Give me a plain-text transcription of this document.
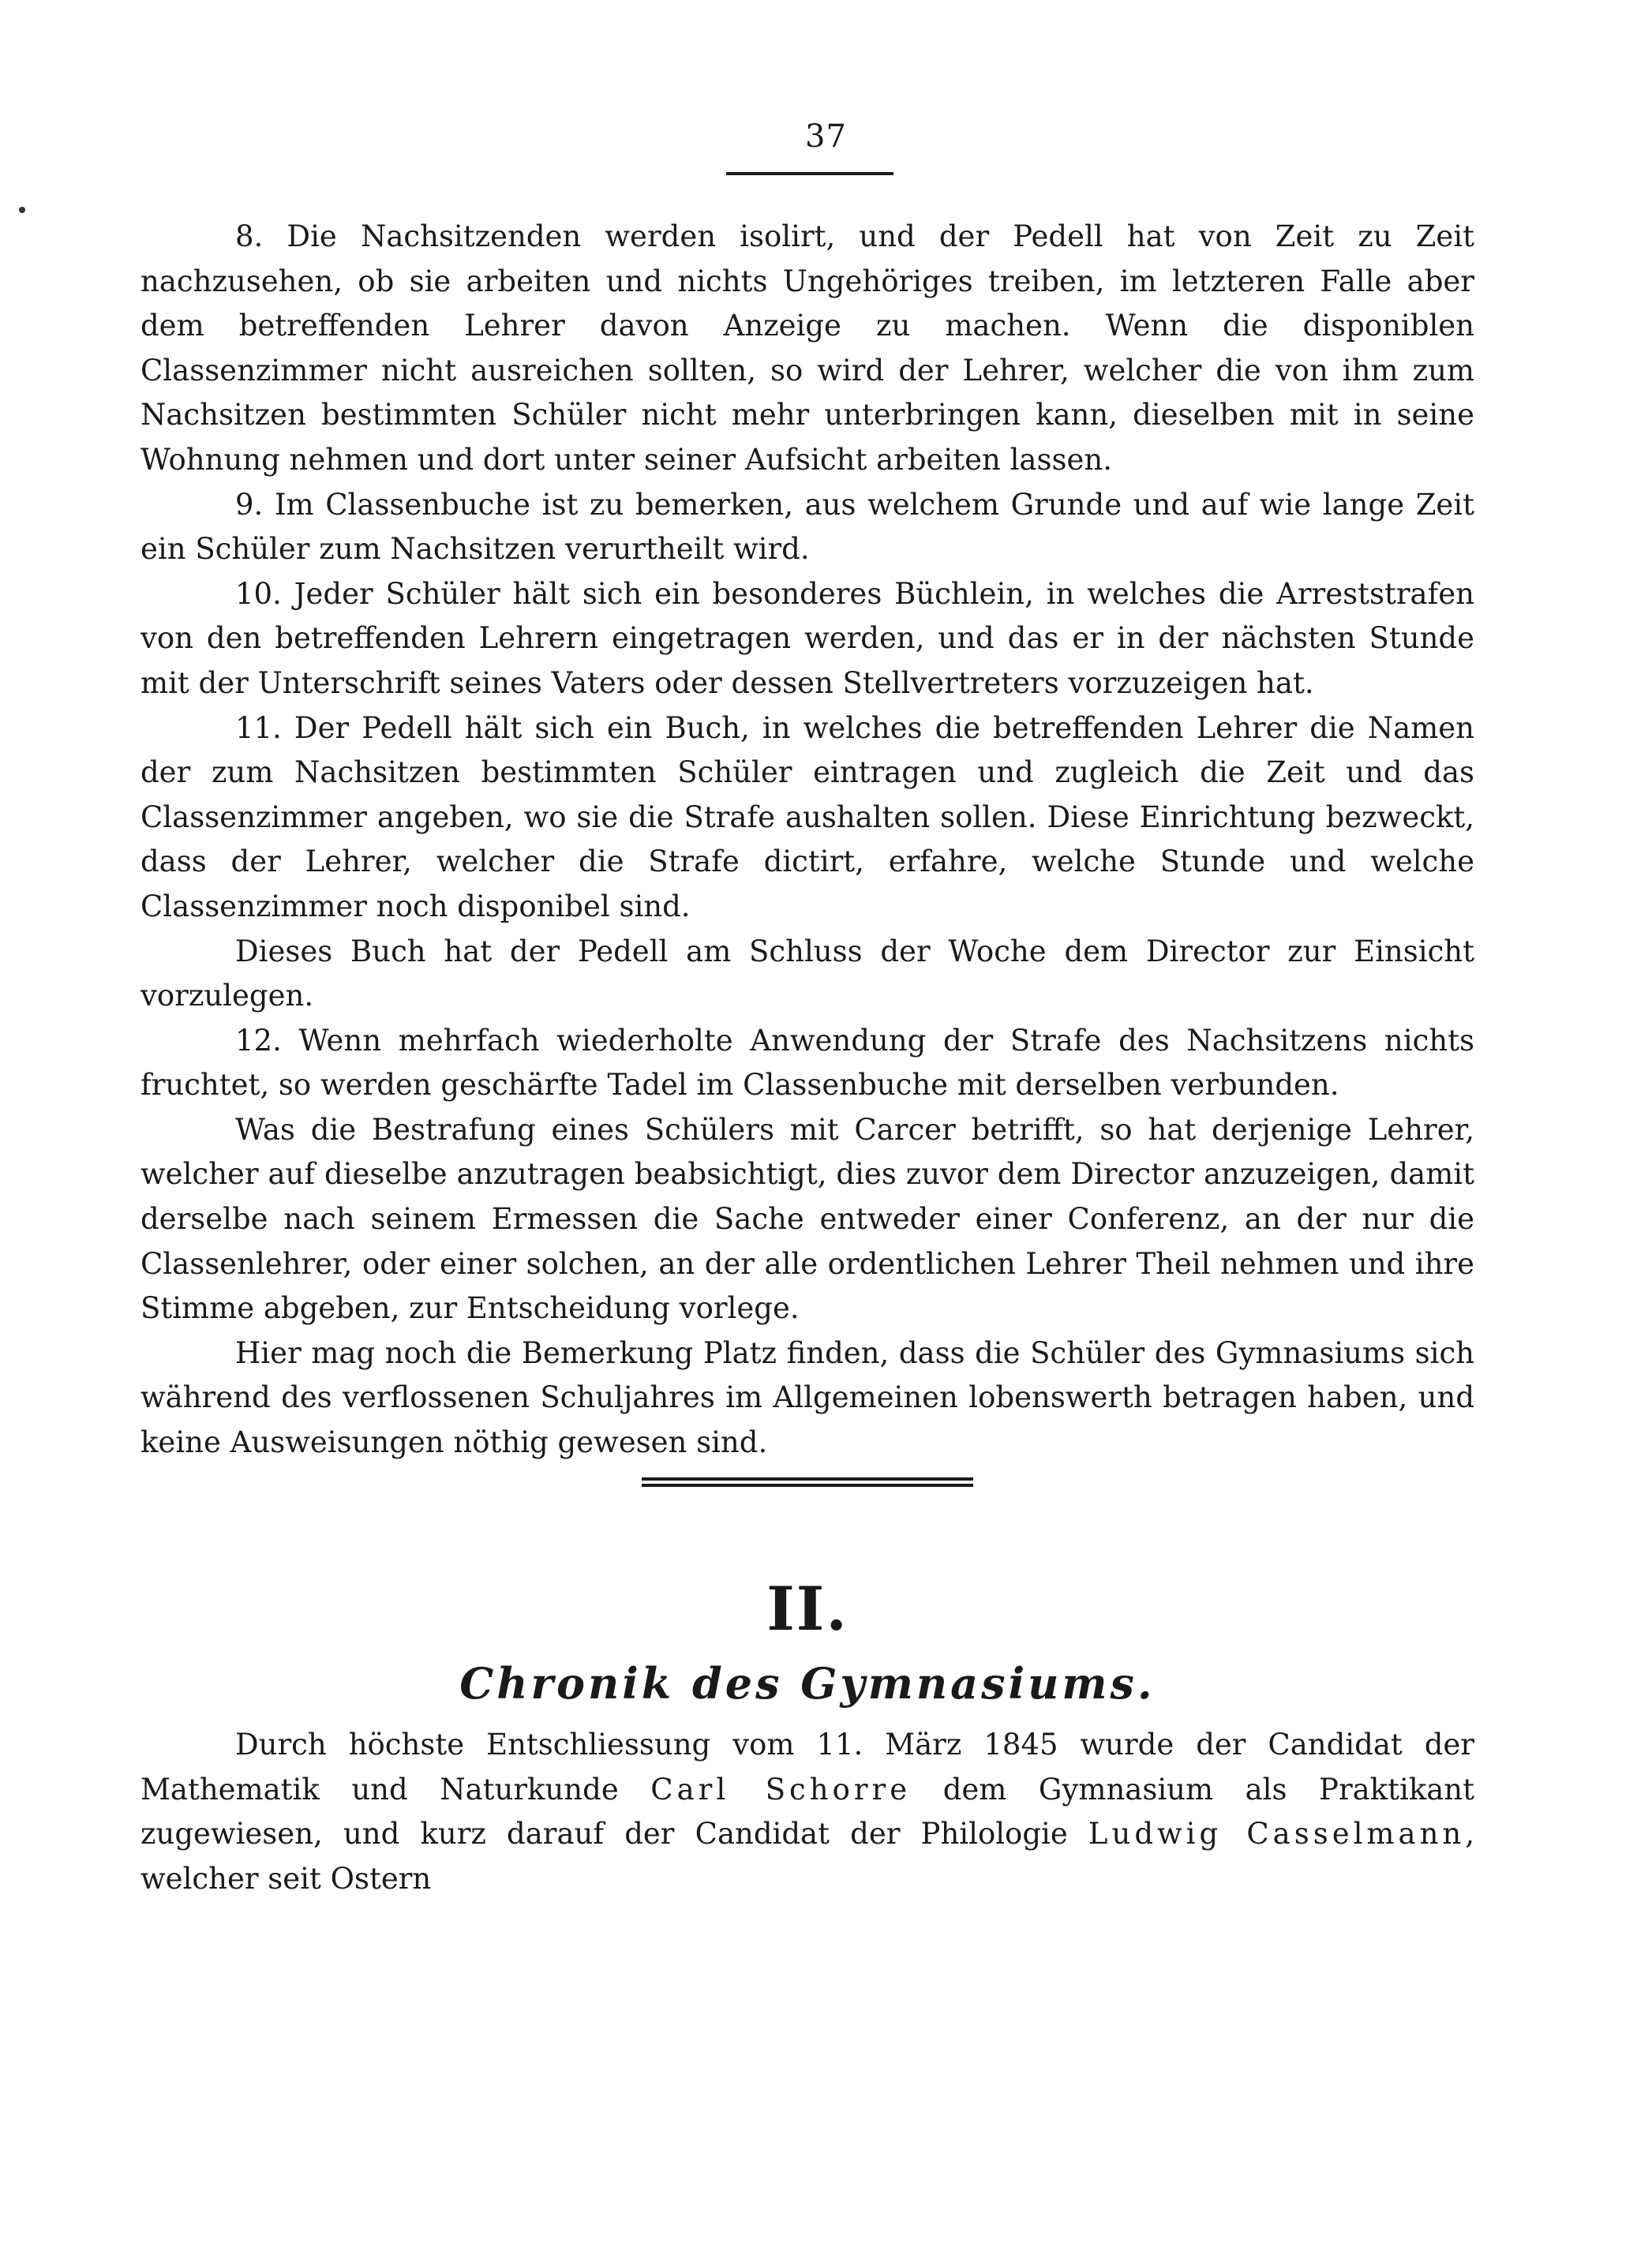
37

8. Die Nachsitzenden werden isolirt, und der Pedell hat von Zeit zu Zeit nachzusehen, ob sie arbeiten und nichts Ungehöriges treiben, im letzteren Falle aber dem betreffenden Lehrer davon Anzeige zu machen. Wenn die disponiblen Classenzimmer nicht ausreichen sollten, so wird der Lehrer, welcher die von ihm zum Nachsitzen bestimmten Schüler nicht mehr unterbringen kann, dieselben mit in seine Wohnung nehmen und dort unter seiner Aufsicht arbeiten lassen.

9. Im Classenbuche ist zu bemerken, aus welchem Grunde und auf wie lange Zeit ein Schüler zum Nachsitzen verurtheilt wird.

10. Jeder Schüler hält sich ein besonderes Büchlein, in welches die Arreststrafen von den betreffenden Lehrern eingetragen werden, und das er in der nächsten Stunde mit der Unterschrift seines Vaters oder dessen Stellvertreters vorzuzeigen hat.

11. Der Pedell hält sich ein Buch, in welches die betreffenden Lehrer die Namen der zum Nachsitzen bestimmten Schüler eintragen und zugleich die Zeit und das Classenzimmer angeben, wo sie die Strafe aushalten sollen. Diese Einrichtung bezweckt, dass der Lehrer, welcher die Strafe dictirt, erfahre, welche Stunde und welche Classenzimmer noch disponibel sind.

Dieses Buch hat der Pedell am Schluss der Woche dem Director zur Einsicht vorzulegen.

12. Wenn mehrfach wiederholte Anwendung der Strafe des Nachsitzens nichts fruchtet, so werden geschärfte Tadel im Classenbuche mit derselben verbunden.

Was die Bestrafung eines Schülers mit Carcer betrifft, so hat derjenige Lehrer, welcher auf dieselbe anzutragen beabsichtigt, dies zuvor dem Director anzuzeigen, damit derselbe nach seinem Ermessen die Sache entweder einer Conferenz, an der nur die Classenlehrer, oder einer solchen, an der alle ordentlichen Lehrer Theil nehmen und ihre Stimme abgeben, zur Entscheidung vorlege.

Hier mag noch die Bemerkung Platz finden, dass die Schüler des Gymnasiums sich während des verflossenen Schuljahres im Allgemeinen lobenswerth betragen haben, und keine Ausweisungen nöthig gewesen sind.

II.
Chronik des Gymnasiums.

Durch höchste Entschliessung vom 11. März 1845 wurde der Candidat der Mathematik und Naturkunde Carl Schorre dem Gymnasium als Praktikant zugewiesen, und kurz darauf der Candidat der Philologie Ludwig Casselmann, welcher seit Ostern
